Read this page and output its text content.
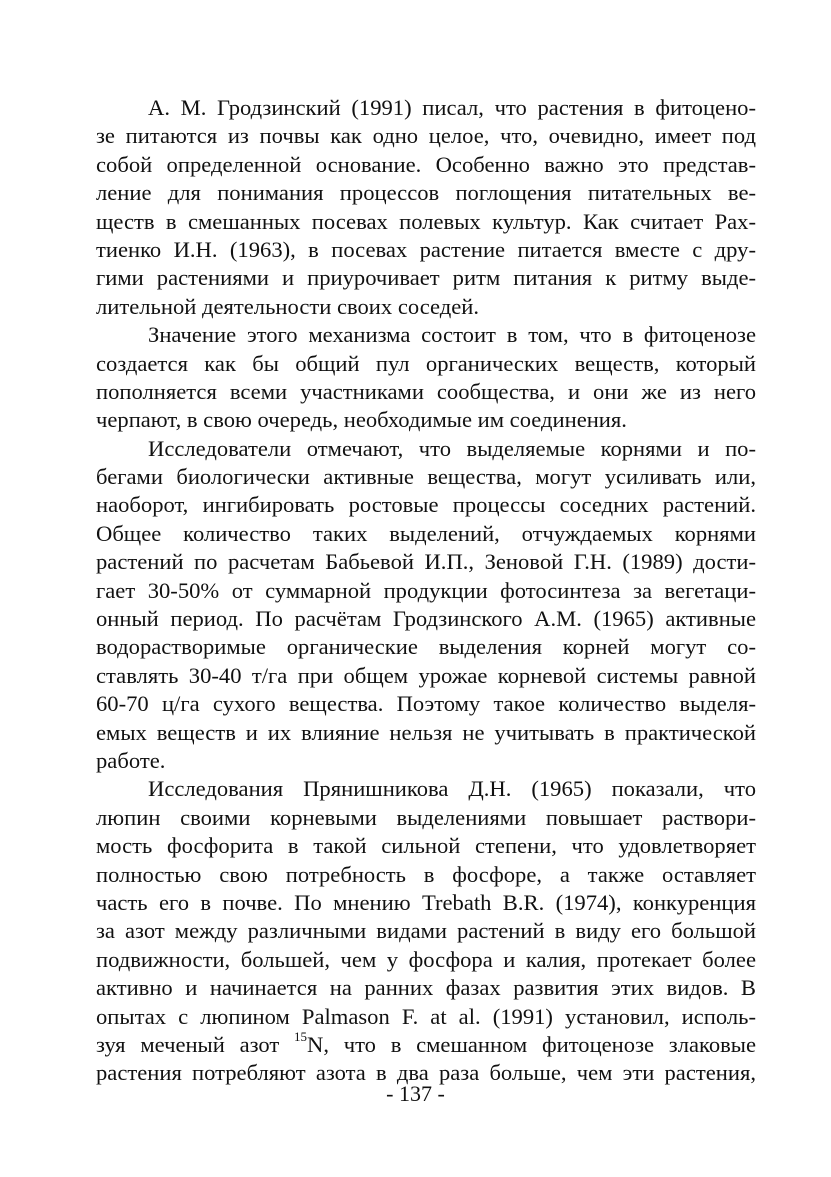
А. М. Гродзинский (1991) писал, что растения в фитоцено-
зе питаются из почвы как одно целое, что, очевидно, имеет под
собой определенной основание. Особенно важно это представ-
ление для понимания процессов поглощения питательных ве-
ществ в смешанных посевах полевых культур. Как считает Рах-
тиенко И.Н. (1963), в посевах растение питается вместе с дру-
гими растениями и приурочивает ритм питания к ритму выде-
лительной деятельности своих соседей.
Значение этого механизма состоит в том, что в фитоценозе
создается как бы общий пул органических веществ, который
пополняется всеми участниками сообщества, и они же из него
черпают, в свою очередь, необходимые им соединения.
Исследователи отмечают, что выделяемые корнями и по-
бегами биологически активные вещества, могут усиливать или,
наоборот, ингибировать ростовые процессы соседних растений.
Общее количество таких выделений, отчуждаемых корнями
растений по расчетам Бабьевой И.П., Зеновой Г.Н. (1989) дости-
гает 30-50% от суммарной продукции фотосинтеза за вегетаци-
онный период. По расчётам Гродзинского А.М. (1965) активные
водорастворимые органические выделения корней могут со-
ставлять 30-40 т/га при общем урожае корневой системы равной
60-70 ц/га сухого вещества. Поэтому такое количество выделя-
емых веществ и их влияние нельзя не учитывать в практической
работе.
Исследования Прянишникова Д.Н. (1965) показали, что
люпин своими корневыми выделениями повышает раствори-
мость фосфорита в такой сильной степени, что удовлетворяет
полностью свою потребность в фосфоре, а также оставляет
часть его в почве. По мнению Trebath B.R. (1974), конкуренция
за азот между различными видами растений в виду его большой
подвижности, большей, чем у фосфора и калия, протекает более
активно и начинается на ранних фазах развития этих видов. В
опытах с люпином Palmason F. at al. (1991) установил, исполь-
зуя меченый азот $^{15}$N, что в смешанном фитоценозе злаковые
растения потребляют азота в два раза больше, чем эти растения,
- 137 -
